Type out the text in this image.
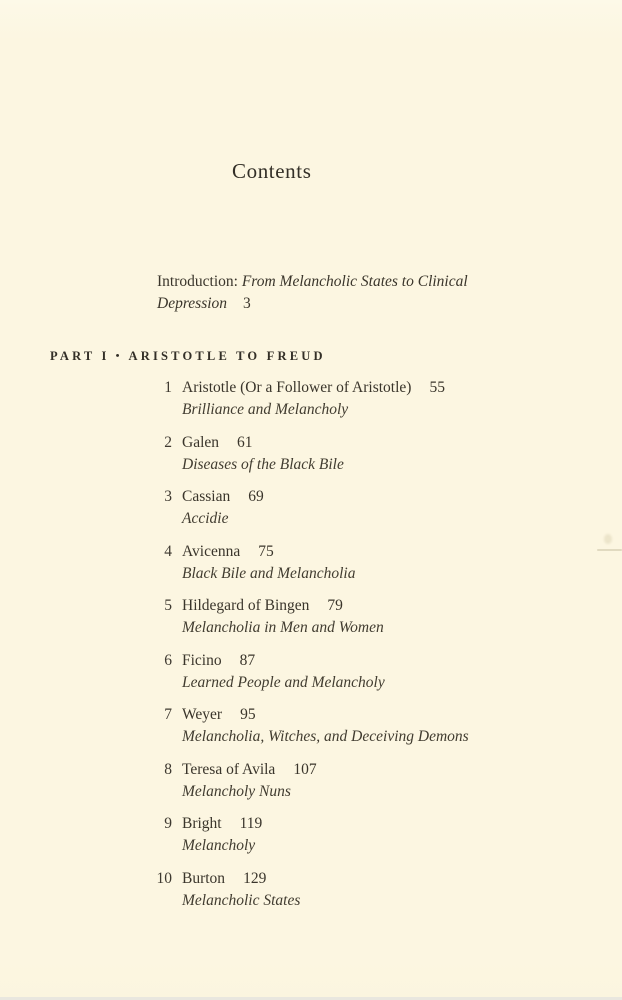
Contents
Introduction: From Melancholic States to Clinical
Depression 3
PART I • ARISTOTLE TO FREUD
1 Aristotle (Or a Follower of Aristotle) 55
Brilliance and Melancholy
2 Galen 61
Diseases of the Black Bile
3 Cassian 69
Accidie
4 Avicenna 75
Black Bile and Melancholia
5 Hildegard of Bingen 79
Melancholia in Men and Women
6 Ficino 87
Learned People and Melancholy
7 Weyer 95
Melancholia, Witches, and Deceiving Demons
8 Teresa of Avila 107
Melancholy Nuns
9 Bright 119
Melancholy
10 Burton 129
Melancholic States
